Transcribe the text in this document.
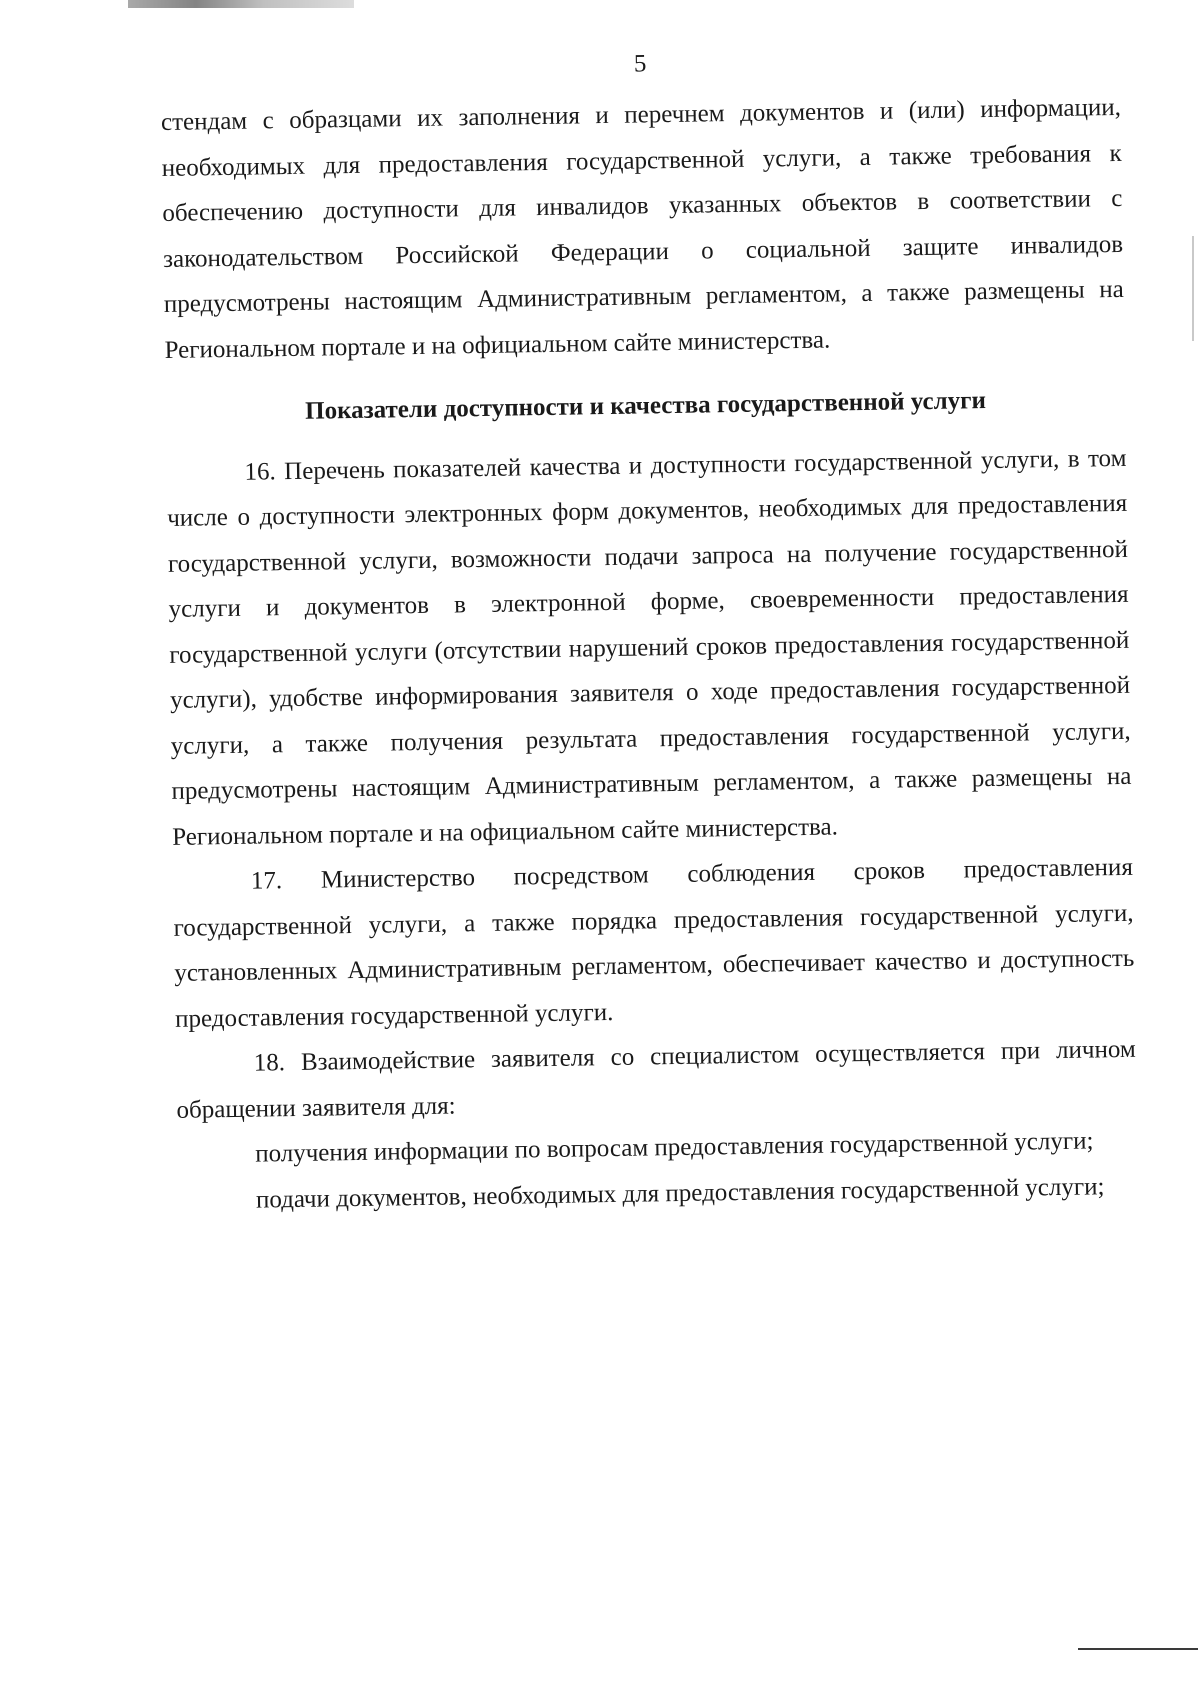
5

стендам с образцами их заполнения и перечнем документов и (или) информации, необходимых для предоставления государственной услуги, а также требования к обеспечению доступности для инвалидов указанных объектов в соответствии с законодательством Российской Федерации о социальной защите инвалидов предусмотрены настоящим Административным регламентом, а также размещены на Региональном портале и на официальном сайте министерства.

Показатели доступности и качества государственной услуги

16. Перечень показателей качества и доступности государственной услуги, в том числе о доступности электронных форм документов, необходимых для предоставления государственной услуги, возможности подачи запроса на получение государственной услуги и документов в электронной форме, своевременности предоставления государственной услуги (отсутствии нарушений сроков предоставления государственной услуги), удобстве информирования заявителя о ходе предоставления государственной услуги, а также получения результата предоставления государственной услуги, предусмотрены настоящим Административным регламентом, а также размещены на Региональном портале и на официальном сайте министерства.

17. Министерство посредством соблюдения сроков предоставления государственной услуги, а также порядка предоставления государственной услуги, установленных Административным регламентом, обеспечивает качество и доступность предоставления государственной услуги.

18. Взаимодействие заявителя со специалистом осуществляется при личном обращении заявителя для:

получения информации по вопросам предоставления государственной услуги;

подачи документов, необходимых для предоставления государственной услуги;
